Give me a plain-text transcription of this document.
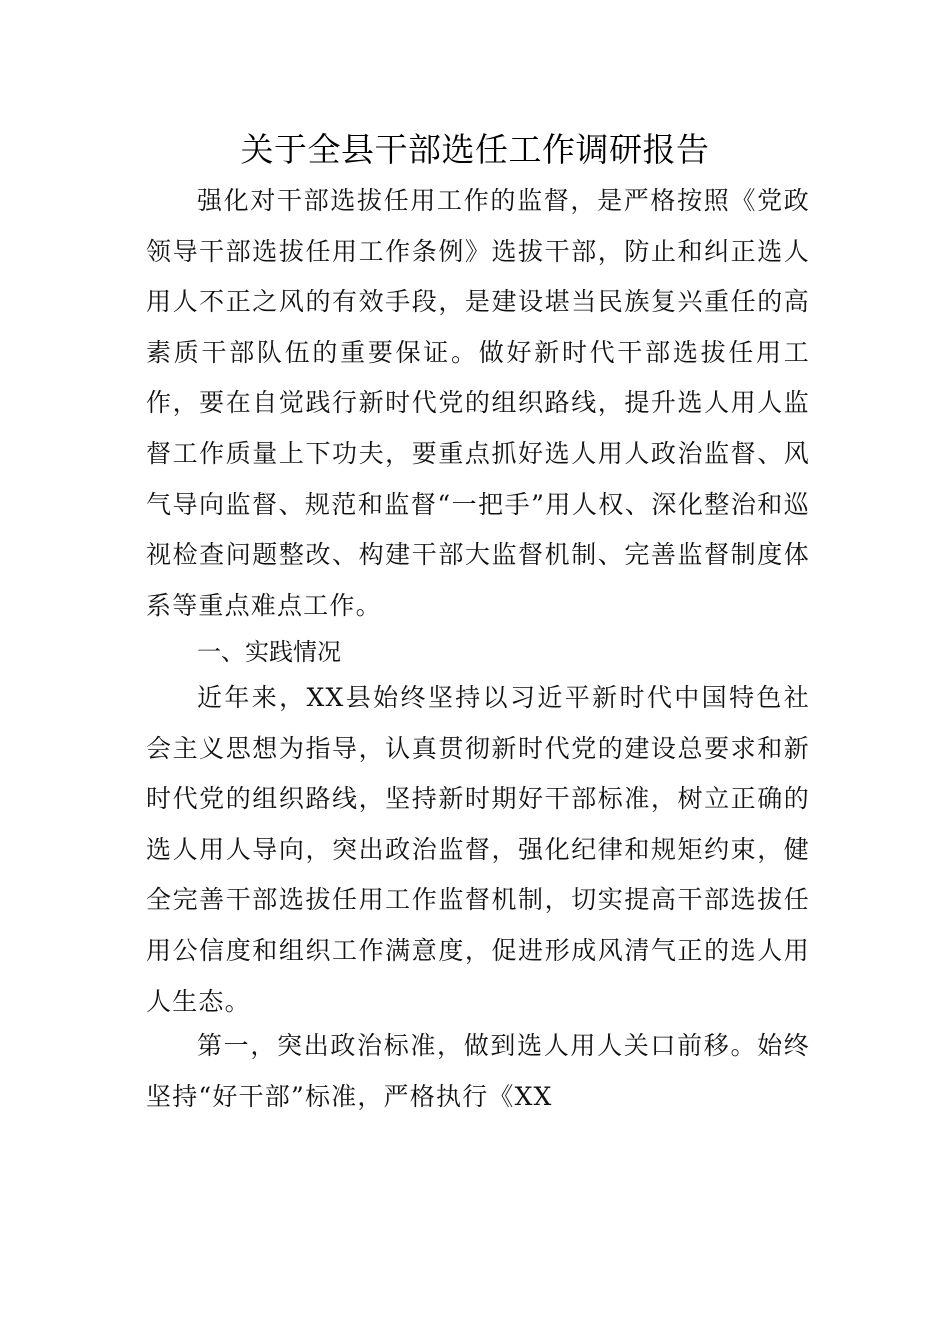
关于全县干部选任工作调研报告

强化对干部选拔任用工作的监督，是严格按照《党政领导干部选拔任用工作条例》选拔干部，防止和纠正选人用人不正之风的有效手段，是建设堪当民族复兴重任的高素质干部队伍的重要保证。做好新时代干部选拔任用工作，要在自觉践行新时代党的组织路线，提升选人用人监督工作质量上下功夫，要重点抓好选人用人政治监督、风气导向监督、规范和监督“一把手”用人权、深化整治和巡视检查问题整改、构建干部大监督机制、完善监督制度体系等重点难点工作。

一、实践情况

近年来，XX县始终坚持以习近平新时代中国特色社会主义思想为指导，认真贯彻新时代党的建设总要求和新时代党的组织路线，坚持新时期好干部标准，树立正确的选人用人导向，突出政治监督，强化纪律和规矩约束，健全完善干部选拔任用工作监督机制，切实提高干部选拔任用公信度和组织工作满意度，促进形成风清气正的选人用人生态。

第一，突出政治标准，做到选人用人关口前移。始终坚持“好干部”标准，严格执行《XX
